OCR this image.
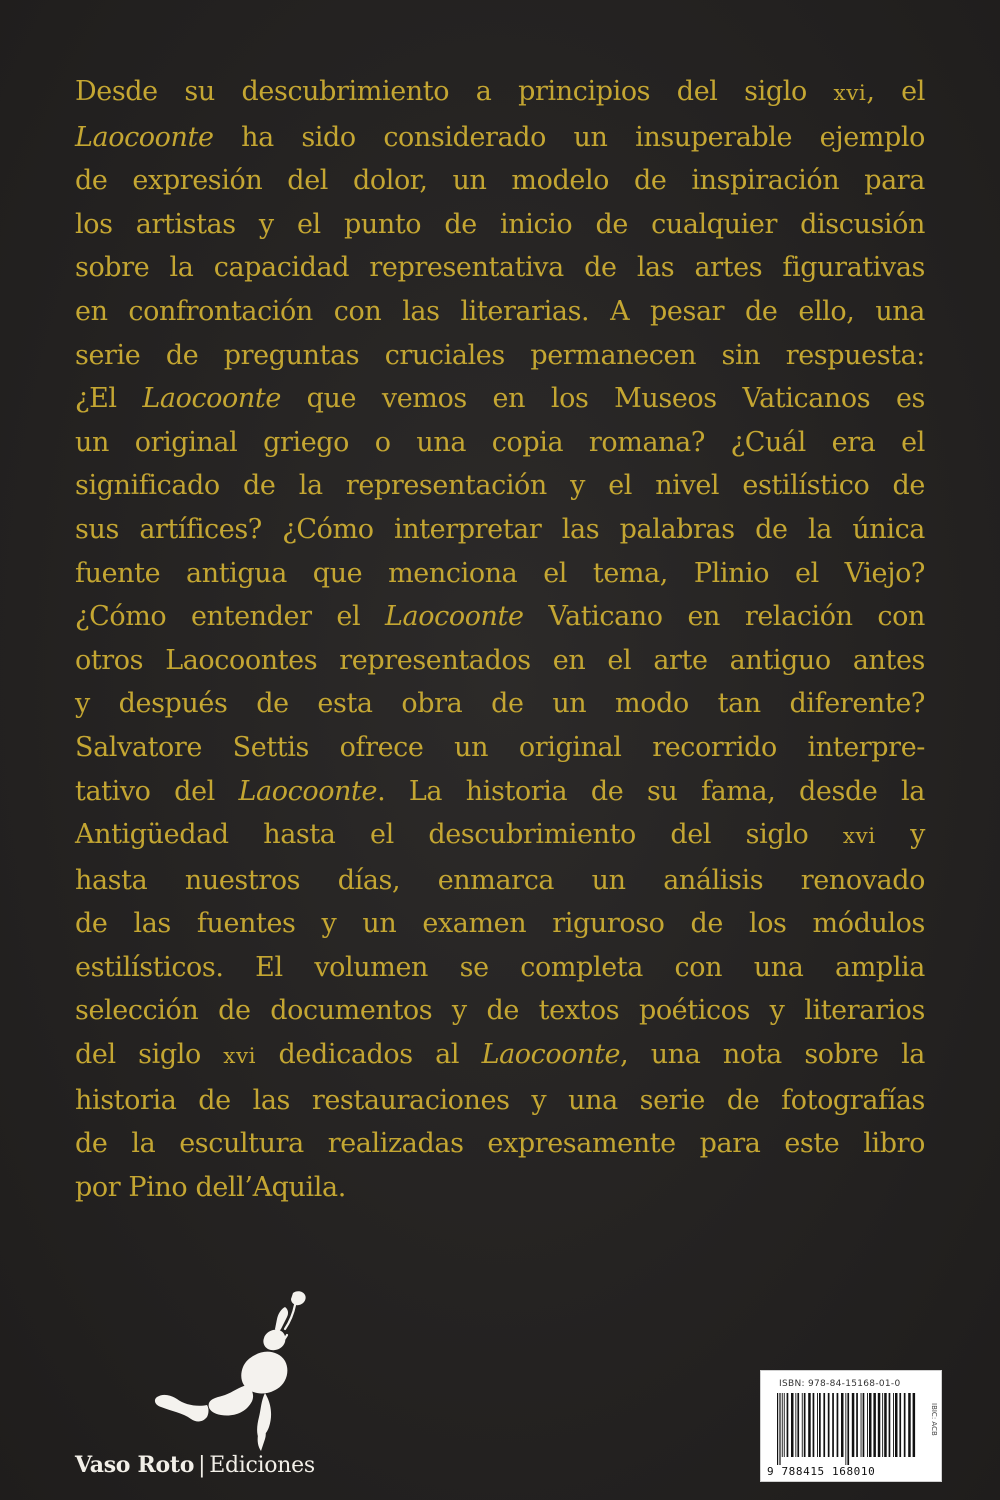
Desde su descubrimiento a principios del siglo xvi, el
Laocoonte ha sido considerado un insuperable ejemplo
de expresión del dolor, un modelo de inspiración para
los artistas y el punto de inicio de cualquier discusión
sobre la capacidad representativa de las artes figurativas
en confrontación con las literarias. A pesar de ello, una
serie de preguntas cruciales permanecen sin respuesta:
¿El Laocoonte que vemos en los Museos Vaticanos es
un original griego o una copia romana? ¿Cuál era el
significado de la representación y el nivel estilístico de
sus artífices? ¿Cómo interpretar las palabras de la única
fuente antigua que menciona el tema, Plinio el Viejo?
¿Cómo entender el Laocoonte Vaticano en relación con
otros Laocoontes representados en el arte antiguo antes
y después de esta obra de un modo tan diferente?
Salvatore Settis ofrece un original recorrido interpre-
tativo del Laocoonte. La historia de su fama, desde la
Antigüedad hasta el descubrimiento del siglo xvi y
hasta nuestros días, enmarca un análisis renovado
de las fuentes y un examen riguroso de los módulos
estilísticos. El volumen se completa con una amplia
selección de documentos y de textos poéticos y literarios
del siglo xvi dedicados al Laocoonte, una nota sobre la
historia de las restauraciones y una serie de fotografías
de la escultura realizadas expresamente para este libro
por Pino dell’Aquila.
Vaso Roto | Ediciones
ISBN: 978-84-15168-01-0
9 788415 168010
IBIC: ACB
